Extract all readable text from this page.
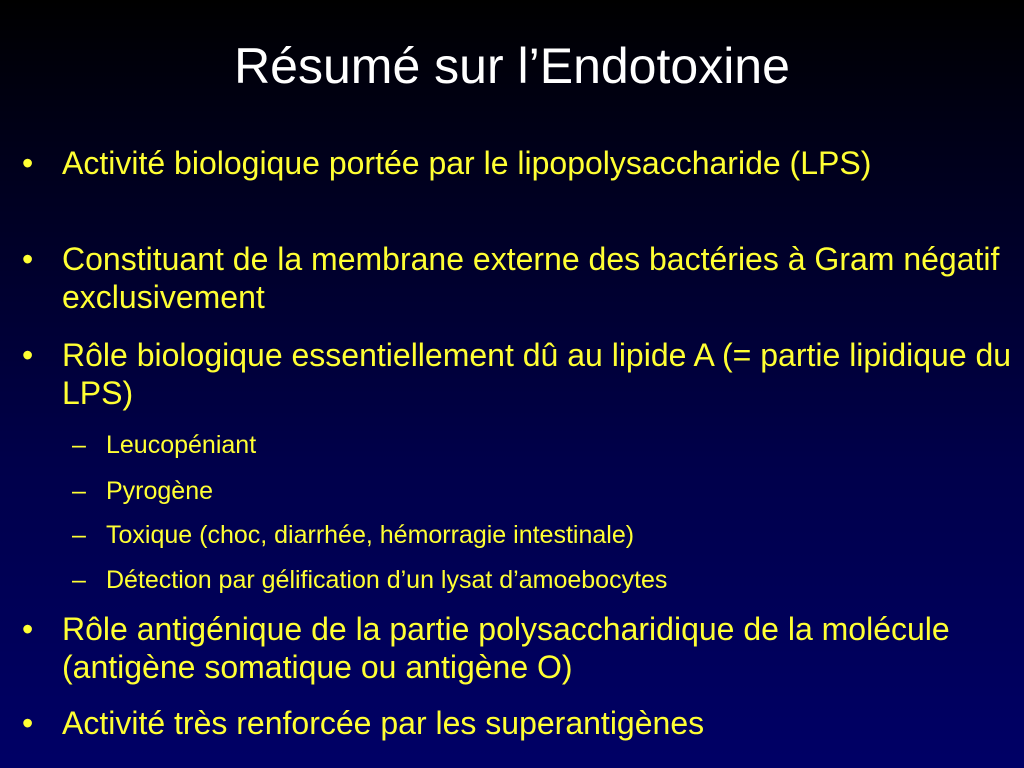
Résumé sur l’Endotoxine
• Activité biologique portée par le lipopolysaccharide (LPS)
• Constituant de la membrane externe des bactéries à Gram négatif exclusivement
• Rôle biologique essentiellement dû au lipide A (= partie lipidique du LPS)
– Leucopéniant
– Pyrogène
– Toxique (choc, diarrhée, hémorragie intestinale)
– Détection par gélification d’un lysat d’amoebocytes
• Rôle antigénique de la partie polysaccharidique de la molécule (antigène somatique ou antigène O)
• Activité très renforcée par les superantigènes
